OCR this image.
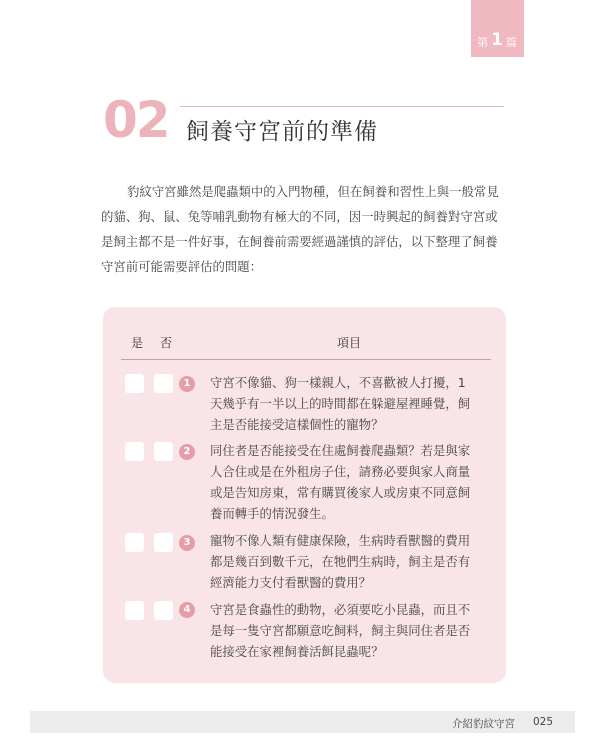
第 1 篇
02 飼養守宮前的準備

豹紋守宮雖然是爬蟲類中的入門物種，但在飼養和習性上與一般常見
的貓、狗、鼠、兔等哺乳動物有極大的不同，因一時興起的飼養對守宮或
是飼主都不是一件好事，在飼養前需要經過謹慎的評估，以下整理了飼養
守宮前可能需要評估的問題：

是 否	項目
1	守宮不像貓、狗一樣親人，不喜歡被人打擾，1
天幾乎有一半以上的時間都在躲避屋裡睡覺，飼
主是否能接受這樣個性的寵物？

2	同住者是否能接受在住處飼養爬蟲類？若是與家
人合住或是在外租房子住，請務必要與家人商量
或是告知房東，常有購買後家人或房東不同意飼
養而轉手的情況發生。

3	寵物不像人類有健康保險，生病時看獸醫的費用
都是幾百到數千元，在牠們生病時，飼主是否有
經濟能力支付看獸醫的費用？

4	守宮是食蟲性的動物，必須要吃小昆蟲，而且不
是每一隻守宮都願意吃飼料，飼主與同住者是否
能接受在家裡飼養活餌昆蟲呢？

介紹豹紋守宮 025
